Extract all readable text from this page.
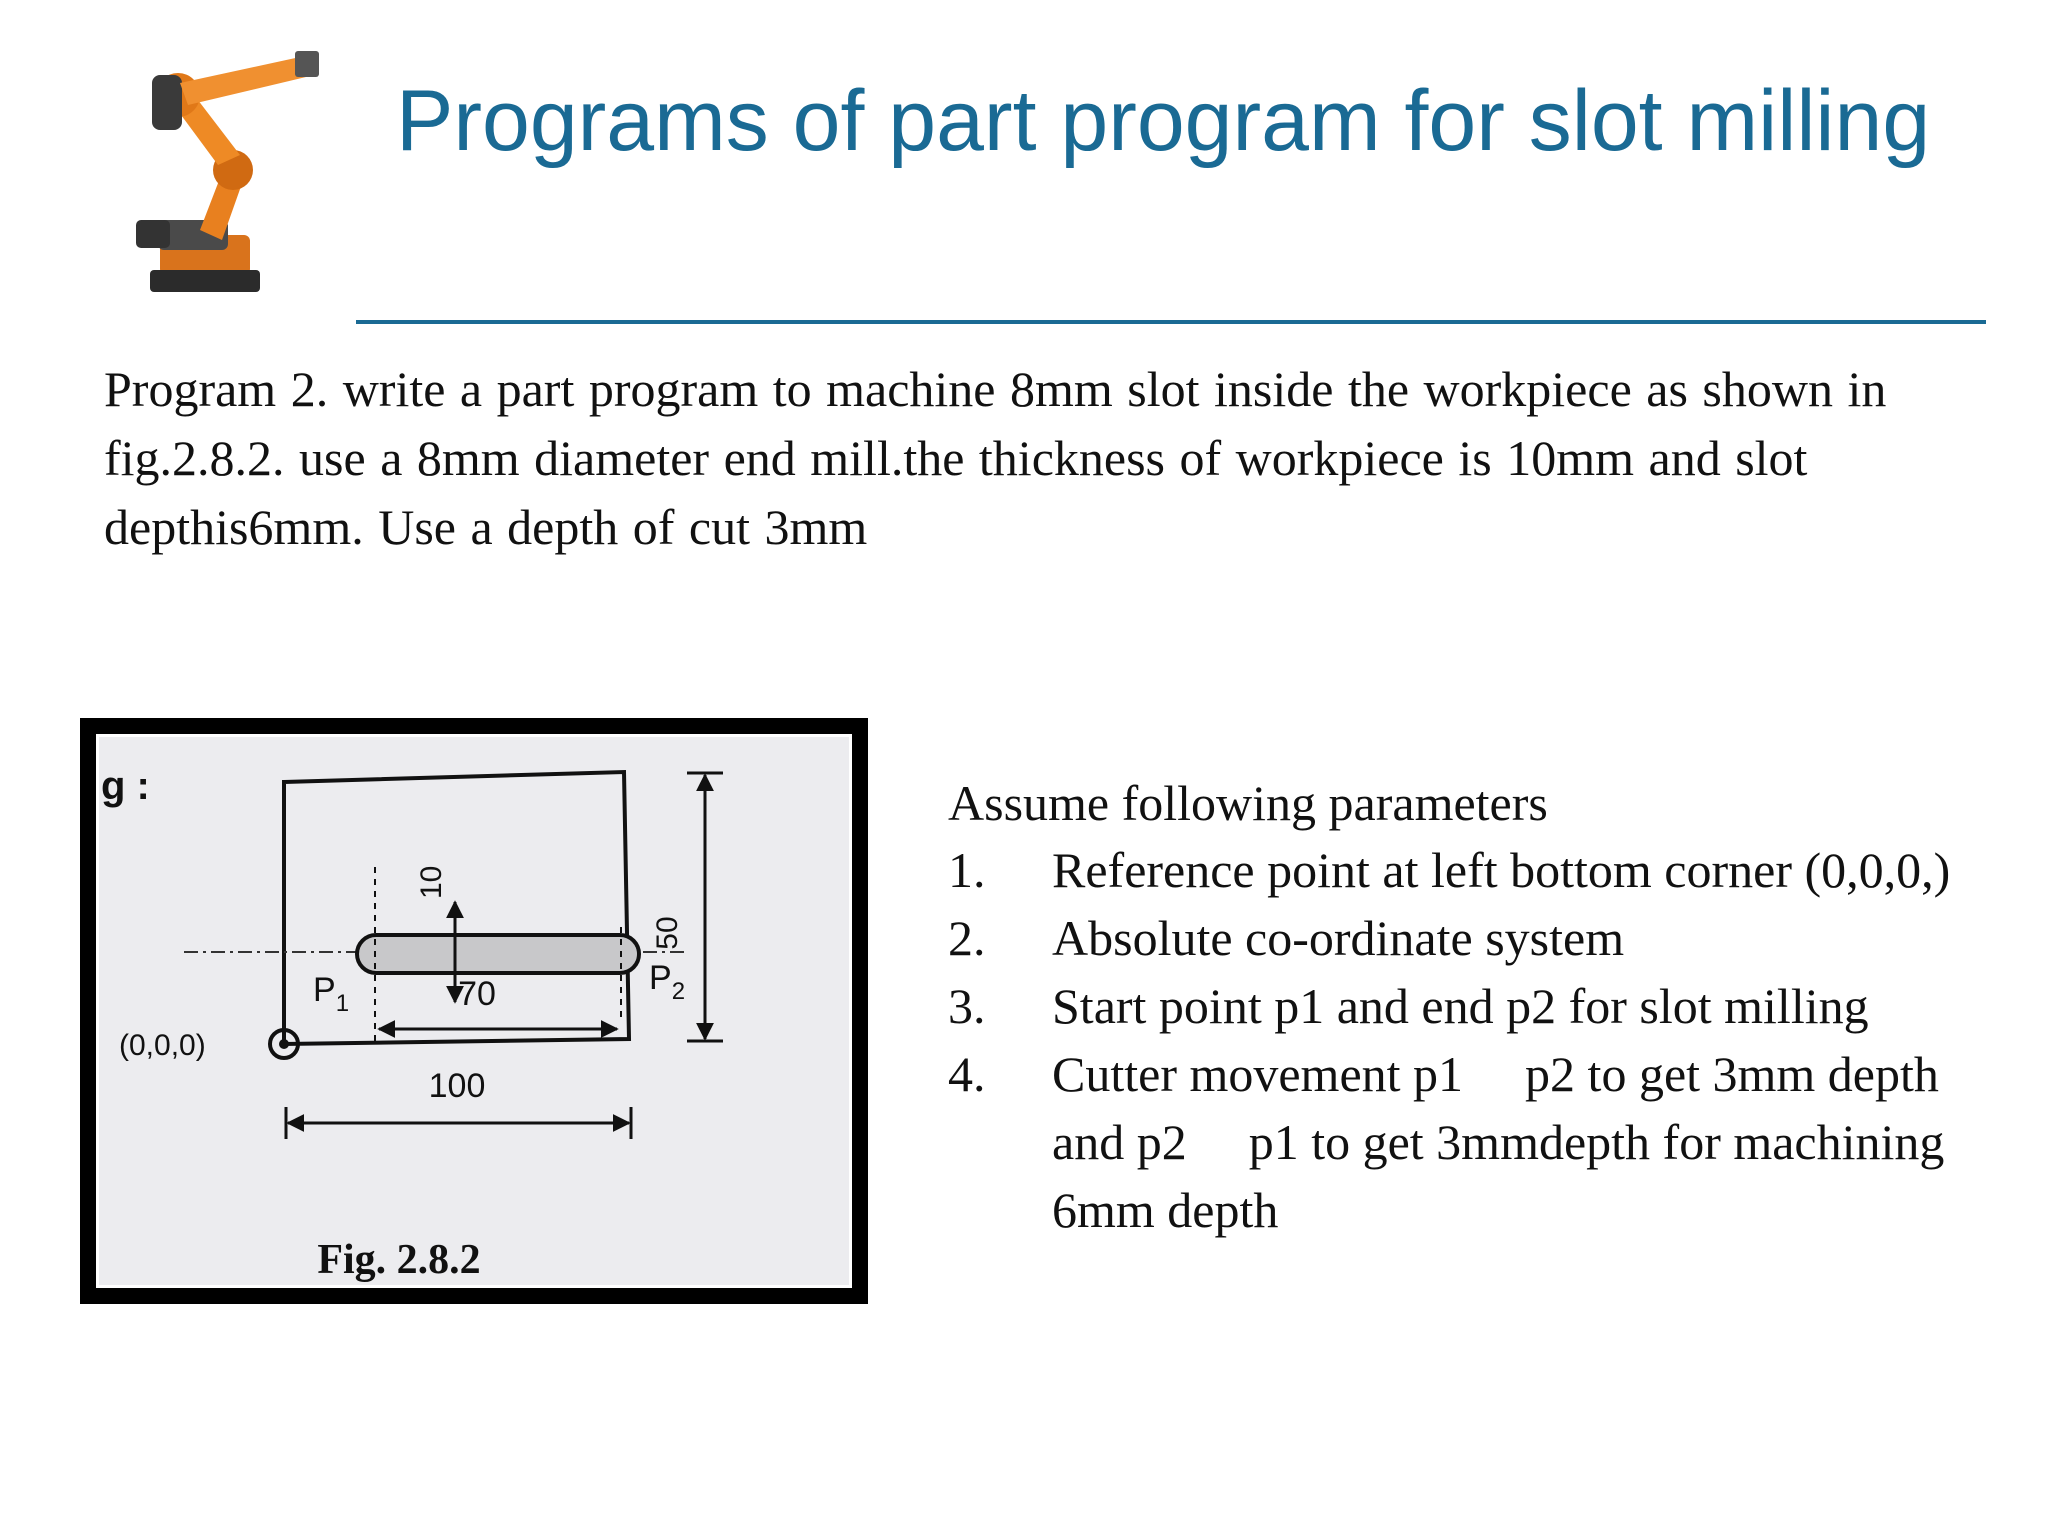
Programs of part program for slot milling

Program 2. write a part program to machine 8mm slot inside the workpiece as shown in fig.2.8.2. use a 8mm diameter end mill.the thickness of workpiece is 10mm and slot depthis6mm. Use a depth of cut 3mm

10
70
$P_1$
$P_2$
50
(0,0,0)
100
g :
Fig. 2.8.2

Assume following parameters

1. Reference point at left bottom corner (0,0,0,)
2. Absolute co-ordinate system
3. Start point p1 and end p2 for slot milling
4. Cutter movement p1 p2 to get 3mm depth and p2 p1 to get 3mmdepth for machining 6mm depth
